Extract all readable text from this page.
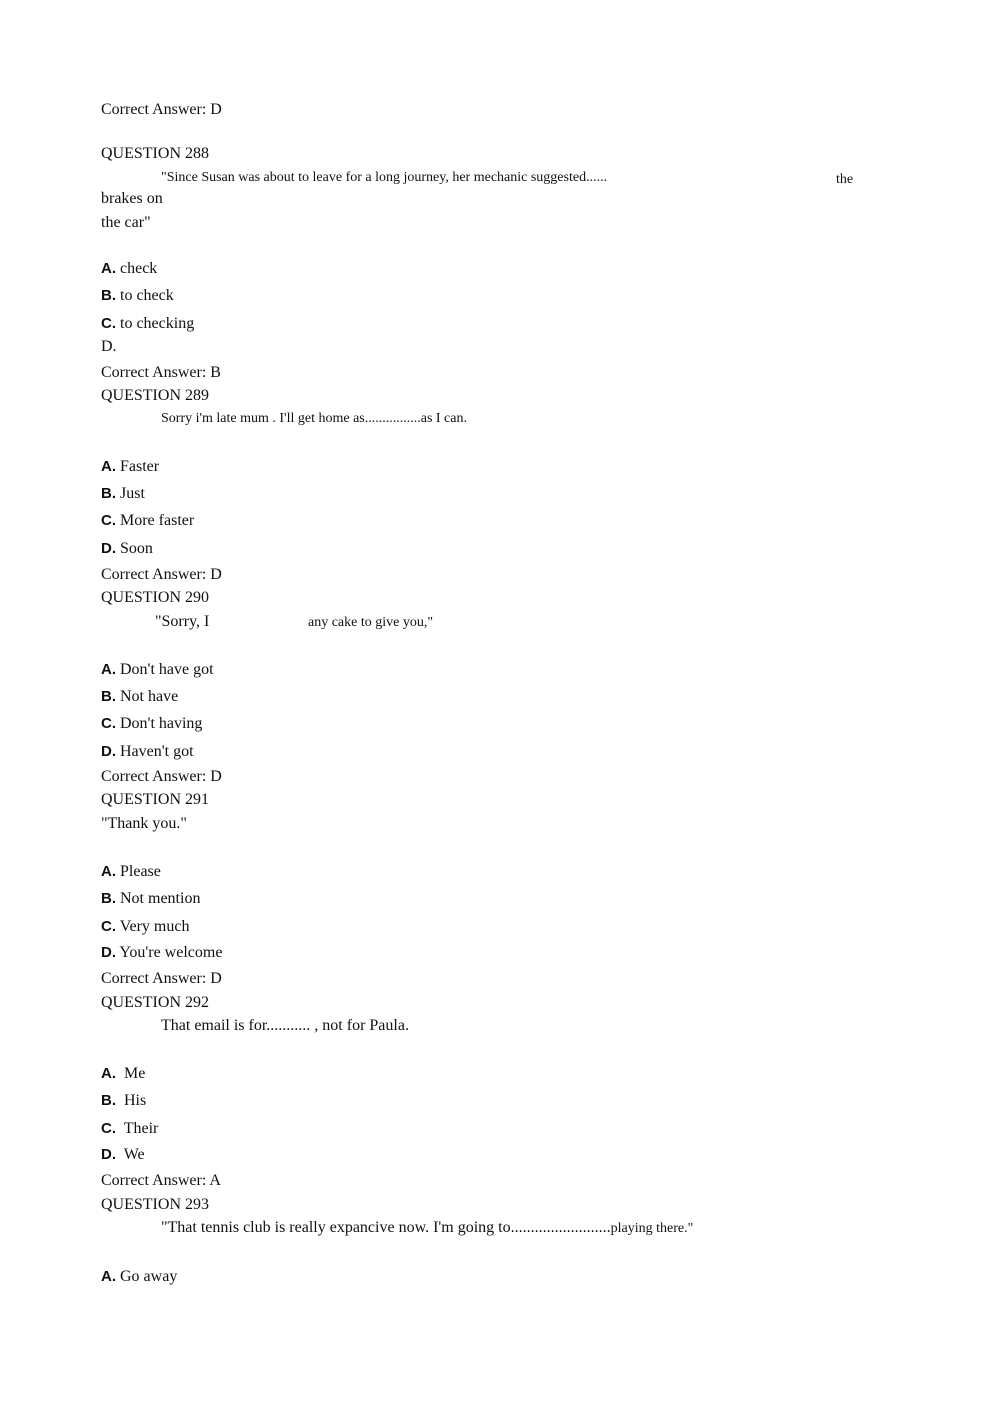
Correct Answer: D
QUESTION 288
"Since Susan was about to leave for a long journey, her mechanic suggested......	the
brakes on
the car"
A. check
B. to check
C. to checking
D.
Correct Answer: B
QUESTION 289
Sorry i'm late mum . I'll get home as................as I can.
A. Faster
B. Just
C. More faster
D. Soon
Correct Answer: D
QUESTION 290
"Sorry, I	any cake to give you,"
A. Don't have got
B. Not have
C. Don't having
D. Haven't got
Correct Answer: D
QUESTION 291
"Thank you."
A. Please
B. Not mention
C. Very much
D. You're welcome
Correct Answer: D
QUESTION 292
That email is for........... , not for Paula.
A. Me
B. His
C. Their
D. We
Correct Answer: A
QUESTION 293
"That tennis club is really expancive now. I'm going to.........................playing there."
A. Go away
